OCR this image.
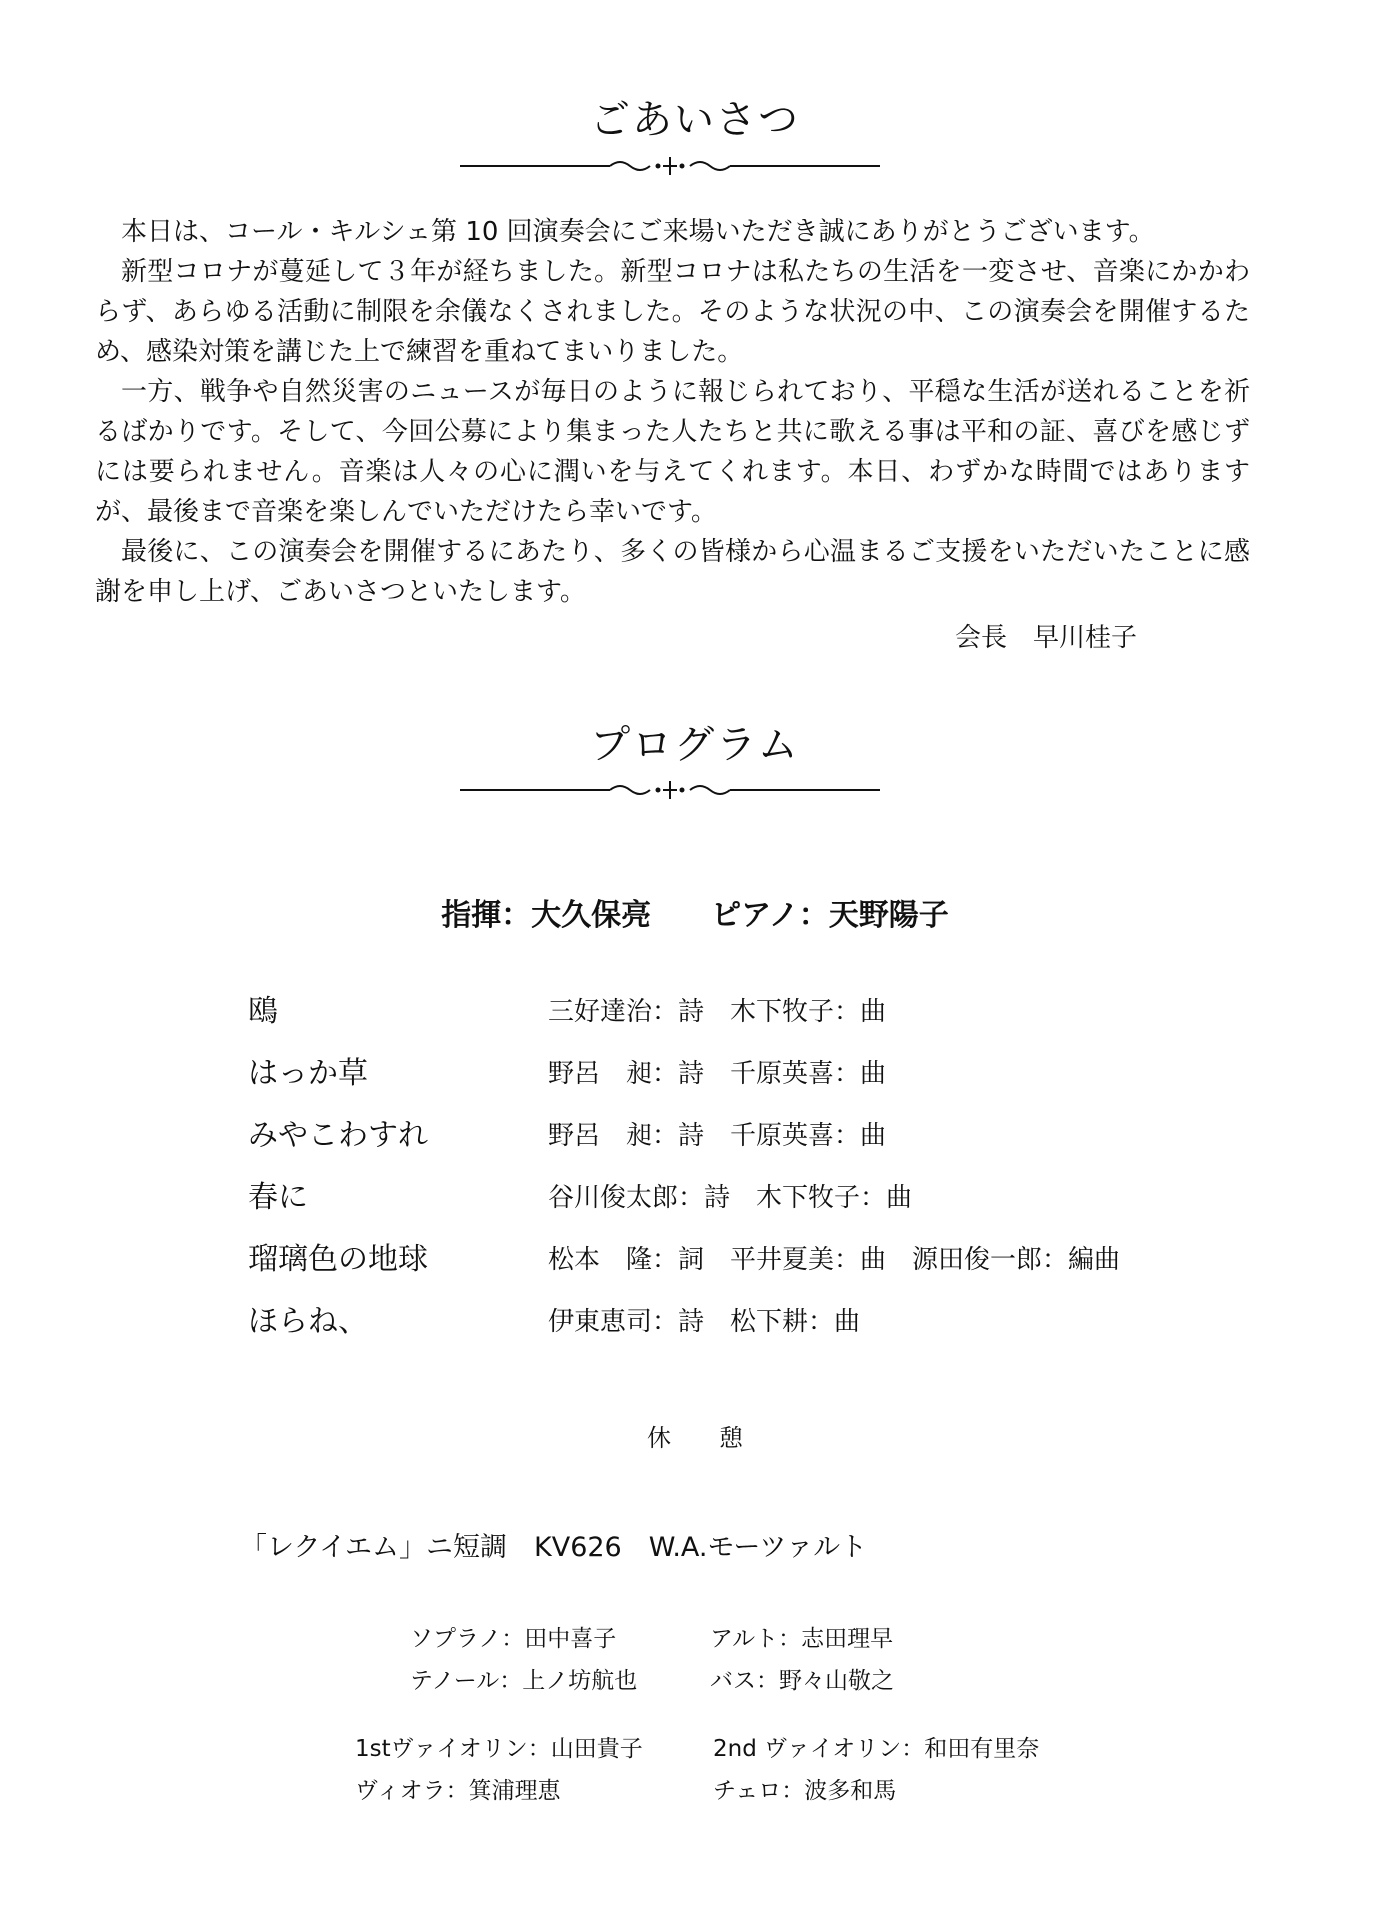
ごあいさつ

本日は、コール・キルシェ第 10 回演奏会にご来場いただき誠にありがとうございます。

新型コロナが蔓延して３年が経ちました。新型コロナは私たちの生活を一変させ、音楽にかかわらず、あらゆる活動に制限を余儀なくされました。そのような状況の中、この演奏会を開催するため、感染対策を講じた上で練習を重ねてまいりました。

一方、戦争や自然災害のニュースが毎日のように報じられており、平穏な生活が送れることを祈るばかりです。そして、今回公募により集まった人たちと共に歌える事は平和の証、喜びを感じずには要られません。音楽は人々の心に潤いを与えてくれます。本日、わずかな時間ではありますが、最後まで音楽を楽しんでいただけたら幸いです。

最後に、この演奏会を開催するにあたり、多くの皆様から心温まるご支援をいただいたことに感謝を申し上げ、ごあいさつといたします。

会長　早川桂子
プログラム
指揮：大久保亮　　ピアノ：天野陽子
鴎	三好達治：詩　木下牧子：曲
はっか草	野呂　昶：詩　千原英喜：曲
みやこわすれ	野呂　昶：詩　千原英喜：曲
春に	谷川俊太郎：詩　木下牧子：曲
瑠璃色の地球	松本　隆：詞　平井夏美：曲　源田俊一郎：編曲
ほらね、	伊東恵司：詩　松下耕：曲
休　　憩
「レクイエム」ニ短調　KV626　W.A.モーツァルト
ソプラノ：田中喜子	アルト：志田理早
テノール：上ノ坊航也	バス：野々山敬之
1stヴァイオリン：山田貴子	2nd ヴァイオリン：和田有里奈
ヴィオラ：箕浦理恵	チェロ：波多和馬
